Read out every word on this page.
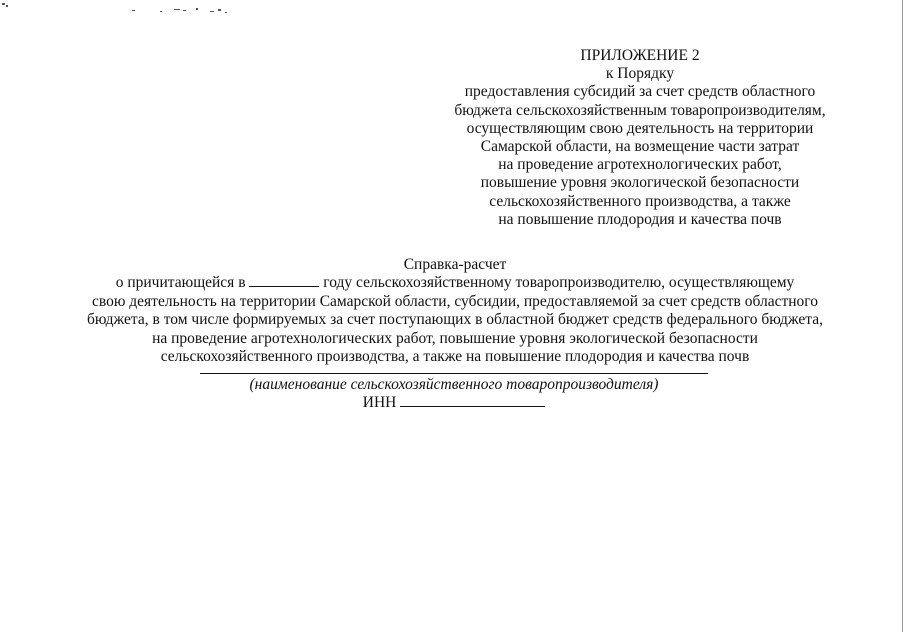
ПРИЛОЖЕНИЕ 2
к Порядку
предоставления субсидий за счет средств областного
бюджета сельскохозяйственным товаропроизводителям,
осуществляющим свою деятельность на территории
Самарской области, на возмещение части затрат
на проведение агротехнологических работ,
повышение уровня экологической безопасности
сельскохозяйственного производства, а также
на повышение плодородия и качества почв
Справка-расчет
о причитающейся в	году сельскохозяйственному товаропроизводителю, осуществляющему
свою деятельность на территории Самарской области, субсидии, предоставляемой за счет средств областного
бюджета, в том числе формируемых за счет поступающих в областной бюджет средств федерального бюджета,
на проведение агротехнологических работ, повышение уровня экологической безопасности
сельскохозяйственного производства, а также на повышение плодородия и качества почв
(наименование сельскохозяйственного товаропроизводителя)
ИНН
